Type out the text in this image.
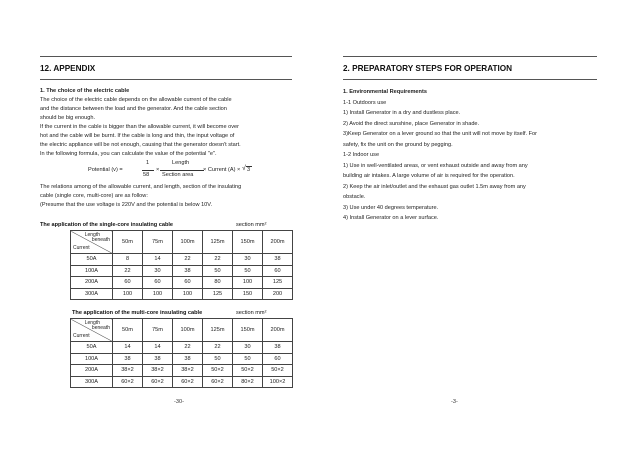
12. APPENDIX

1. The choice of the electric cable

The choice of the electric cable depends on the allowable current of the cable

and the distance between the load and the generator. And the cable section

should be big enough.

If the current in the cable is bigger than the allowable current, it will become over

hot and the cable will be burnt. If the cable is long and thin, the input voltage of

the electric appliance will be not enough, causing that the generator doesn't start.

In the following formula, you can calculate the value of the potential "e".

Potential (v) =
1
58
×
Length
Section area
× Current (A) × √ 3

The relations among of the allowable current, and length, section of the insulating

cable (single core, multi-core) are as follow:

(Presume that the use voltage is 220V and the potential is below 10V.

The application of the single-core insulating cable	section mm²
Length
beneath
Current	50m	75m	100m	125m	150m	200m
50A	8	14	22	22	30	38
100A	22	30	38	50	50	60
200A	60	60	60	80	100	125
300A	100	100	100	125	150	200
The application of the multi-core insulating cable	section mm²
Length
beneath
Current	50m	75m	100m	125m	150m	200m
50A	14	14	22	22	30	38
100A	38	38	38	50	50	60
200A	38×2	38×2	38×2	50×2	50×2	50×2
300A	60×2	60×2	60×2	60×2	80×2	100×2
-30-
2. PREPARATORY STEPS FOR OPERATION

1. Environmental Requirements

1-1 Outdoors use

1) Install Generator in a dry and dustless place.

2) Avoid the direct sunshine, place Generator in shade.

3)Keep Generator on a lever ground so that the unit will not move by itself. For

safety, fix the unit on the ground by pegging.

1-2 Indoor use

1) Use in well-ventilated areas, or vent exhaust outside and away from any

building air intakes. A large volume of air is required for the operation.

2) Keep the air inlet/outlet and the exhaust gas outlet 1.5m away from any

obstacle.

3) Use under 40 degrees temperature.

4) Install Generator on a lever surface.

-3-
